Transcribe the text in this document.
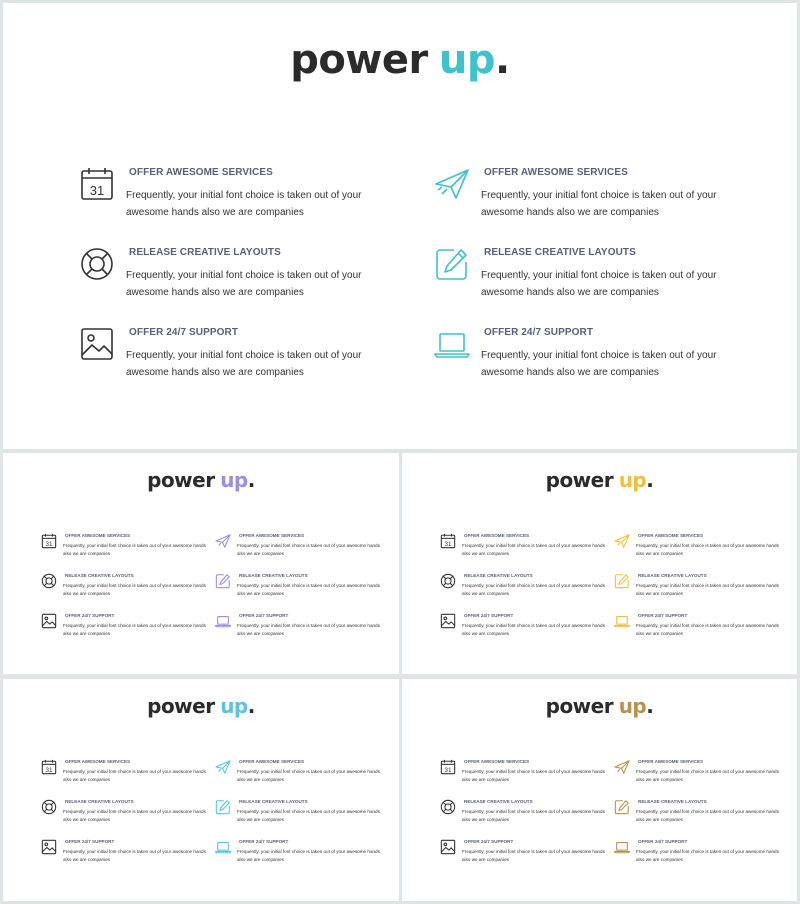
power up.
31

OFFER AWESOME SERVICES

Frequently, your initial font choice is taken out of your awesome hands also we are companies

RELEASE CREATIVE LAYOUTS

Frequently, your initial font choice is taken out of your awesome hands also we are companies

OFFER 24/7 SUPPORT

Frequently, your initial font choice is taken out of your awesome hands also we are companies

OFFER AWESOME SERVICES

Frequently, your initial font choice is taken out of your awesome hands also we are companies

RELEASE CREATIVE LAYOUTS

Frequently, your initial font choice is taken out of your awesome hands also we are companies

OFFER 24/7 SUPPORT

Frequently, your initial font choice is taken out of your awesome hands also we are companies

power up.
31

OFFER AWESOME SERVICES

Frequently, your initial font choice is taken out of your awesome hands also we are companies

RELEASE CREATIVE LAYOUTS

Frequently, your initial font choice is taken out of your awesome hands also we are companies

OFFER 24/7 SUPPORT

Frequently, your initial font choice is taken out of your awesome hands also we are companies

OFFER AWESOME SERVICES

Frequently, your initial font choice is taken out of your awesome hands also we are companies

RELEASE CREATIVE LAYOUTS

Frequently, your initial font choice is taken out of your awesome hands also we are companies

OFFER 24/7 SUPPORT

Frequently, your initial font choice is taken out of your awesome hands also we are companies

power up.
31

OFFER AWESOME SERVICES

Frequently, your initial font choice is taken out of your awesome hands also we are companies

RELEASE CREATIVE LAYOUTS

Frequently, your initial font choice is taken out of your awesome hands also we are companies

OFFER 24/7 SUPPORT

Frequently, your initial font choice is taken out of your awesome hands also we are companies

OFFER AWESOME SERVICES

Frequently, your initial font choice is taken out of your awesome hands also we are companies

RELEASE CREATIVE LAYOUTS

Frequently, your initial font choice is taken out of your awesome hands also we are companies

OFFER 24/7 SUPPORT

Frequently, your initial font choice is taken out of your awesome hands also we are companies

power up.
31

OFFER AWESOME SERVICES

Frequently, your initial font choice is taken out of your awesome hands also we are companies

RELEASE CREATIVE LAYOUTS

Frequently, your initial font choice is taken out of your awesome hands also we are companies

OFFER 24/7 SUPPORT

Frequently, your initial font choice is taken out of your awesome hands also we are companies

OFFER AWESOME SERVICES

Frequently, your initial font choice is taken out of your awesome hands also we are companies

RELEASE CREATIVE LAYOUTS

Frequently, your initial font choice is taken out of your awesome hands also we are companies

OFFER 24/7 SUPPORT

Frequently, your initial font choice is taken out of your awesome hands also we are companies

power up.
31

OFFER AWESOME SERVICES

Frequently, your initial font choice is taken out of your awesome hands also we are companies

RELEASE CREATIVE LAYOUTS

Frequently, your initial font choice is taken out of your awesome hands also we are companies

OFFER 24/7 SUPPORT

Frequently, your initial font choice is taken out of your awesome hands also we are companies

OFFER AWESOME SERVICES

Frequently, your initial font choice is taken out of your awesome hands also we are companies

RELEASE CREATIVE LAYOUTS

Frequently, your initial font choice is taken out of your awesome hands also we are companies

OFFER 24/7 SUPPORT

Frequently, your initial font choice is taken out of your awesome hands also we are companies
